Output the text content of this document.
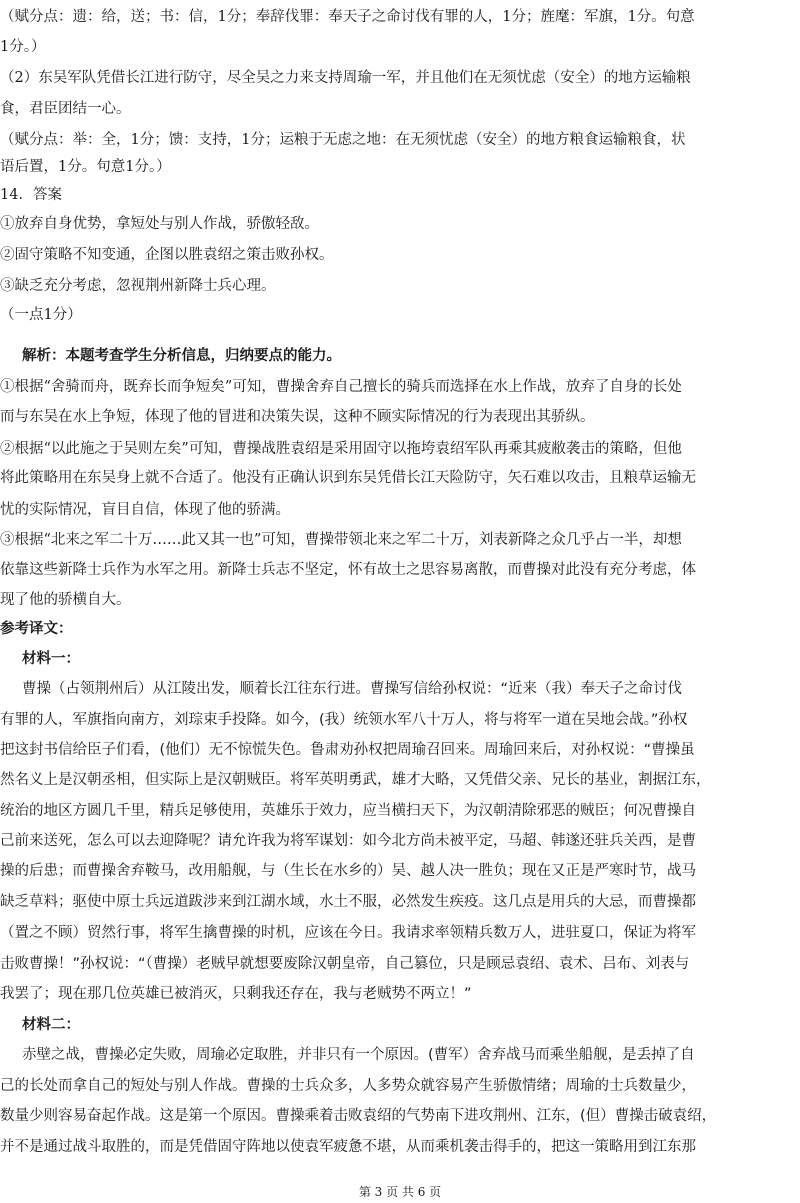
（赋分点：遗：给，送；书：信，1分；奉辞伐罪：奉天子之命讨伐有罪的人，1分；旌麾：军旗，1分。句意
1分。）
（2）东吴军队凭借长江进行防守，尽全吴之力来支持周瑜一军，并且他们在无须忧虑（安全）的地方运输粮
食，君臣团结一心。
（赋分点：举：全，1分；馈：支持，1分；运粮于无虑之地：在无须忧虑（安全）的地方粮食运输粮食，状
语后置，1分。句意1分。）
14．答案
①放弃自身优势，拿短处与别人作战，骄傲轻敌。
②固守策略不知变通，企图以胜袁绍之策击败孙权。
③缺乏充分考虑，忽视荆州新降士兵心理。
（一点1分）
解析：本题考查学生分析信息，归纳要点的能力。
①根据“舍骑而舟，既弃长而争短矣”可知，曹操舍弃自己擅长的骑兵而选择在水上作战，放弃了自身的长处
而与东吴在水上争短，体现了他的冒进和决策失误，这种不顾实际情况的行为表现出其骄纵。
②根据“以此施之于吴则左矣”可知，曹操战胜袁绍是采用固守以拖垮袁绍军队再乘其疲敝袭击的策略，但他
将此策略用在东吴身上就不合适了。他没有正确认识到东吴凭借长江天险防守，矢石难以攻击，且粮草运输无
忧的实际情况，盲目自信，体现了他的骄满。
③根据“北来之军二十万……此又其一也”可知，曹操带领北来之军二十万，刘表新降之众几乎占一半，却想
依靠这些新降士兵作为水军之用。新降士兵志不坚定，怀有故土之思容易离散，而曹操对此没有充分考虑，体
现了他的骄横自大。
参考译文：
材料一：
曹操（占领荆州后）从江陵出发，顺着长江往东行进。曹操写信给孙权说：“近来（我）奉天子之命讨伐
有罪的人，军旗指向南方，刘琮束手投降。如今，(我）统领水军八十万人，将与将军一道在吴地会战。”孙权
把这封书信给臣子们看，(他们）无不惊慌失色。鲁肃劝孙权把周瑜召回来。周瑜回来后，对孙权说：“曹操虽
然名义上是汉朝丞相，但实际上是汉朝贼臣。将军英明勇武，雄才大略，又凭借父亲、兄长的基业，割据江东，
统治的地区方圆几千里，精兵足够使用，英雄乐于效力，应当横扫天下，为汉朝清除邪恶的贼臣；何况曹操自
己前来送死，怎么可以去迎降呢？请允许我为将军谋划：如今北方尚未被平定，马超、韩遂还驻兵关西，是曹
操的后患；而曹操舍弃鞍马，改用船舰，与（生长在水乡的）吴、越人决一胜负；现在又正是严寒时节，战马
缺乏草料；驱使中原士兵远道跋涉来到江湖水域，水土不服，必然发生疾疫。这几点是用兵的大忌，而曹操都
（置之不顾）贸然行事，将军生擒曹操的时机，应该在今日。我请求率领精兵数万人，进驻夏口，保证为将军
击败曹操！”孙权说：“（曹操）老贼早就想要废除汉朝皇帝，自己篡位，只是顾忌袁绍、袁术、吕布、刘表与
我罢了；现在那几位英雄已被消灭，只剩我还存在，我与老贼势不两立！”
材料二：
赤壁之战，曹操必定失败，周瑜必定取胜，并非只有一个原因。(曹军）舍弃战马而乘坐船舰，是丢掉了自
己的长处而拿自己的短处与别人作战。曹操的士兵众多，人多势众就容易产生骄傲情绪；周瑜的士兵数量少，
数量少则容易奋起作战。这是第一个原因。曹操乘着击败袁绍的气势南下进攻荆州、江东，(但）曹操击破袁绍，
并不是通过战斗取胜的，而是凭借固守阵地以使袁军疲惫不堪，从而乘机袭击得手的，把这一策略用到江东那
第 3 页 共 6 页
